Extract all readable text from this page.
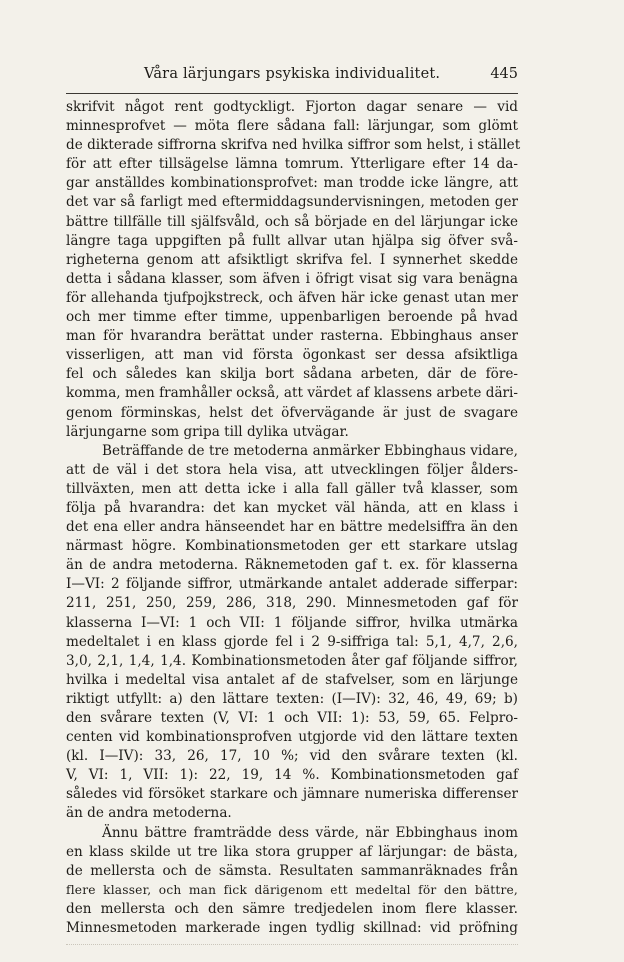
Våra lärjungars psykiska individualitet.	445
skrifvit något rent godtyckligt. Fjorton dagar senare — vid
minnesprofvet — möta flere sådana fall: lärjungar, som glömt
de dikterade siffrorna skrifva ned hvilka siffror som helst, i stället
för att efter tillsägelse lämna tomrum. Ytterligare efter 14 da-
gar anställdes kombinationsprofvet: man trodde icke längre, att
det var så farligt med eftermiddagsundervisningen, metoden ger
bättre tillfälle till själfsvåld, och så började en del lärjungar icke
längre taga uppgiften på fullt allvar utan hjälpa sig öfver svå-
righeterna genom att afsiktligt skrifva fel. I synnerhet skedde
detta i sådana klasser, som äfven i öfrigt visat sig vara benägna
för allehanda tjufpojkstreck, och äfven här icke genast utan mer
och mer timme efter timme, uppenbarligen beroende på hvad
man för hvarandra berättat under rasterna. Ebbinghaus anser
visserligen, att man vid första ögonkast ser dessa afsiktliga
fel och således kan skilja bort sådana arbeten, där de före-
komma, men framhåller också, att värdet af klassens arbete däri-
genom förminskas, helst det öfvervägande är just de svagare
lärjungarne som gripa till dylika utvägar.
Beträffande de tre metoderna anmärker Ebbinghaus vidare,
att de väl i det stora hela visa, att utvecklingen följer ålders-
tillväxten, men att detta icke i alla fall gäller två klasser, som
följa på hvarandra: det kan mycket väl hända, att en klass i
det ena eller andra hänseendet har en bättre medelsiffra än den
närmast högre. Kombinationsmetoden ger ett starkare utslag
än de andra metoderna. Räknemetoden gaf t. ex. för klasserna
I—VI: 2 följande siffror, utmärkande antalet adderade sifferpar:
211, 251, 250, 259, 286, 318, 290. Minnesmetoden gaf för
klasserna I—VI: 1 och VII: 1 följande siffror, hvilka utmärka
medeltalet i en klass gjorde fel i 2 9-siffriga tal: 5,1, 4,7, 2,6,
3,0, 2,1, 1,4, 1,4. Kombinationsmetoden åter gaf följande siffror,
hvilka i medeltal visa antalet af de stafvelser, som en lärjunge
riktigt utfyllt: a) den lättare texten: (I—IV): 32, 46, 49, 69; b)
den svårare texten (V, VI: 1 och VII: 1): 53, 59, 65. Felpro-
centen vid kombinationsprofven utgjorde vid den lättare texten
(kl. I—IV): 33, 26, 17, 10 %; vid den svårare texten (kl.
V, VI: 1, VII: 1): 22, 19, 14 %. Kombinationsmetoden gaf
således vid försöket starkare och jämnare numeriska differenser
än de andra metoderna.
Ännu bättre framträdde dess värde, när Ebbinghaus inom
en klass skilde ut tre lika stora grupper af lärjungar: de bästa,
de mellersta och de sämsta. Resultaten sammanräknades från
flere klasser, och man fick därigenom ett medeltal för den bättre,
den mellersta och den sämre tredjedelen inom flere klasser.
Minnesmetoden markerade ingen tydlig skillnad: vid pröfning
